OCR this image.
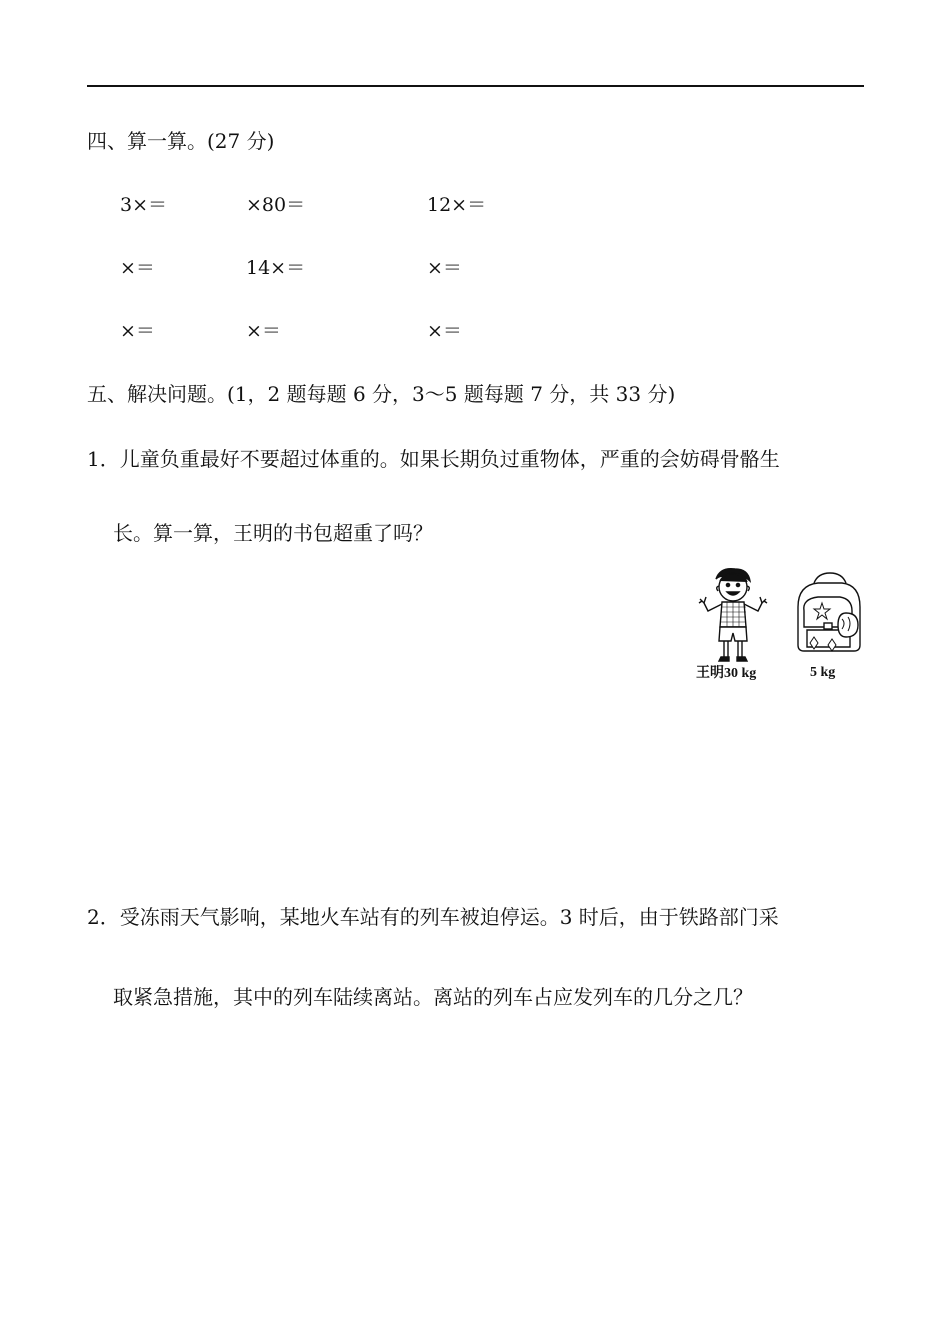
四、算一算。(27 分)
3×＝	×80＝	12×＝
×＝	14×＝	×＝
×＝	×＝	×＝
五、解决问题。(1，2 题每题 6 分，3～5 题每题 7 分，共 33 分)
1．儿童负重最好不要超过体重的。如果长期负过重物体，严重的会妨碍骨骼生
长。算一算，王明的书包超重了吗？
王明30 kg	5 kg
2．受冻雨天气影响，某地火车站有的列车被迫停运。3 时后，由于铁路部门采
取紧急措施，其中的列车陆续离站。离站的列车占应发列车的几分之几？
